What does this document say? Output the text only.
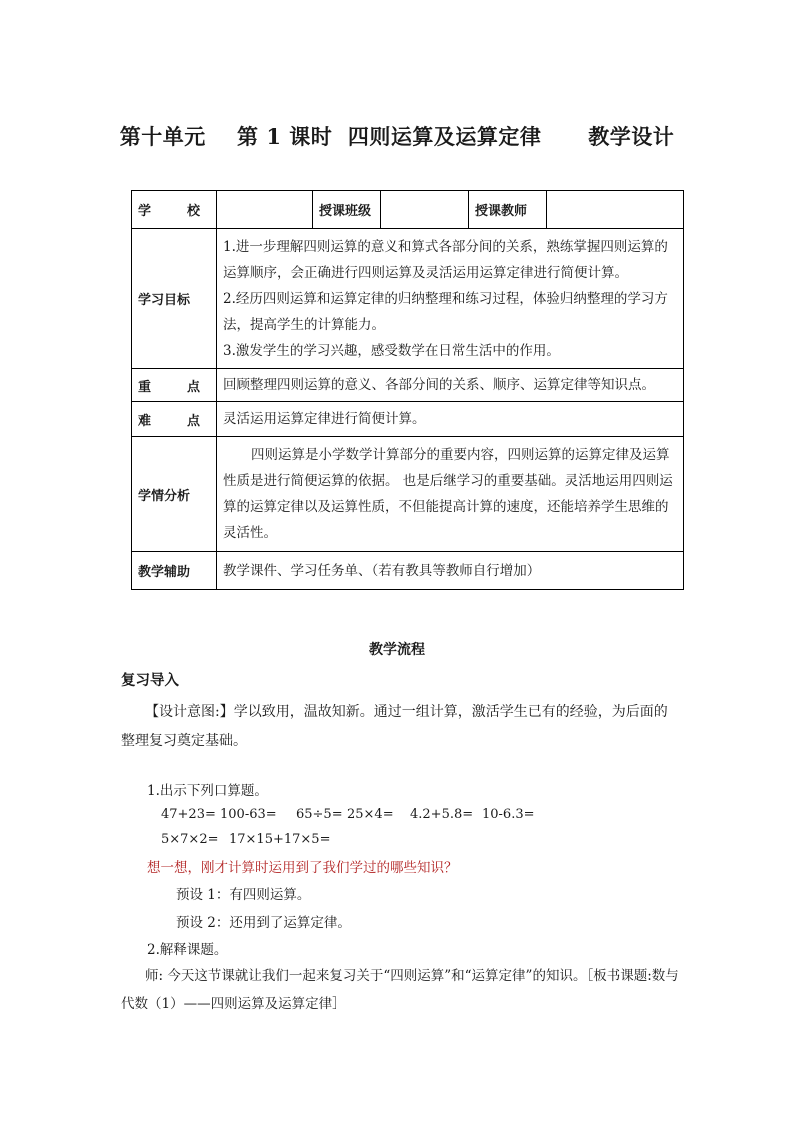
第十单元    第 1 课时  四则运算及运算定律      教学设计
学 校		授课班级		授课教师	
学习目标	1.进一步理解四则运算的意义和算式各部分间的关系，熟练掌握四则运算的运算顺序，会正确进行四则运算及灵活运用运算定律进行简便计算。
2.经历四则运算和运算定律的归纳整理和练习过程，体验归纳整理的学习方法，提高学生的计算能力。
3.激发学生的学习兴趣，感受数学在日常生活中的作用。				

重 点	回顾整理四则运算的意义、各部分间的关系、顺序、运算定律等知识点。				

难 点	灵活运用运算定律进行简便计算。				
学情分析	四则运算是小学数学计算部分的重要内容，四则运算的运算定律及运算性质是进行简便运算的依据。 也是后继学习的重要基础。灵活地运用四则运算的运算定律以及运算性质，不但能提高计算的速度，还能培养学生思维的灵活性。				

教学辅助	教学课件、学习任务单、（若有教具等教师自行增加）				
教学流程
复习导入
【设计意图:】学以致用，温故知新。通过一组计算，激活学生已有的经验，为后面的整理复习奠定基础。
1.出示下列口算题。
47+23= 100-63= 65÷5= 25×4= 4.2+5.8= 10-6.3=
5×7×2= 17×15+17×5=
想一想，刚才计算时运用到了我们学过的哪些知识？
预设 1：有四则运算。
预设 2：还用到了运算定律。
2.解释课题。
师: 今天这节课就让我们一起来复习关于“四则运算”和“运算定律”的知识。［板书课题:数与代数（1）——四则运算及运算定律］
